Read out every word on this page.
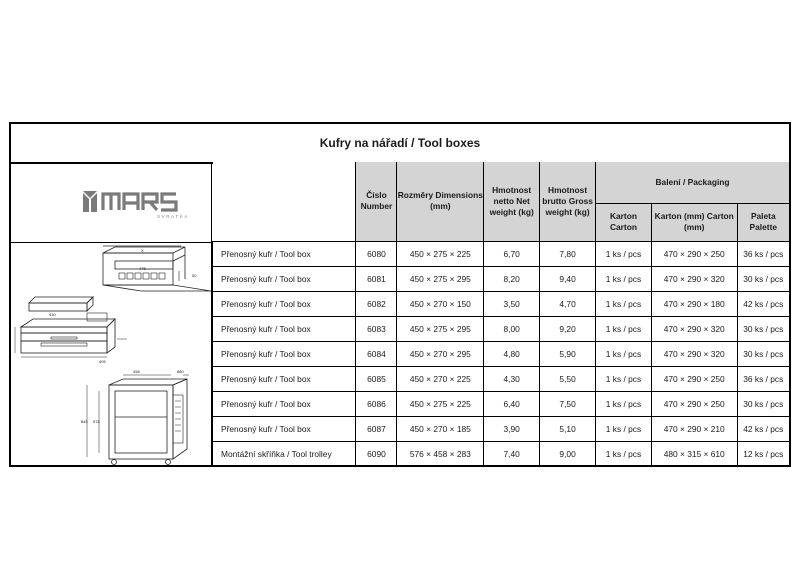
Kufry na nářadí / Tool boxes
SVRATKA
X
475
50
430
405
458	880
845 578
	Číslo Number	Rozměry Dimensions (mm)	Hmotnost netto Net weight (kg)	Hmotnost brutto Gross weight (kg)	Balení / Packaging		
					Karton Carton	Karton (mm) Carton (mm)	Paleta Palette
Přenosný kufr / Tool box	6080	450 × 275 × 225	6,70	7,80	1 ks / pcs	470 × 290 × 250	36 ks / pcs
Přenosný kufr / Tool box	6081	450 × 275 × 295	8,20	9,40	1 ks / pcs	470 × 290 × 320	30 ks / pcs
Přenosný kufr / Tool box	6082	450 × 270 × 150	3,50	4,70	1 ks / pcs	470 × 290 × 180	42 ks / pcs
Přenosný kufr / Tool box	6083	450 × 275 × 295	8,00	9,20	1 ks / pcs	470 × 290 × 320	30 ks / pcs
Přenosný kufr / Tool box	6084	450 × 270 × 295	4,80	5,90	1 ks / pcs	470 × 290 × 320	30 ks / pcs
Přenosný kufr / Tool box	6085	450 × 270 × 225	4,30	5,50	1 ks / pcs	470 × 290 × 250	36 ks / pcs
Přenosný kufr / Tool box	6086	450 × 275 × 225	6,40	7,50	1 ks / pcs	470 × 290 × 250	30 ks / pcs
Přenosný kufr / Tool box	6087	450 × 270 × 185	3,90	5,10	1 ks / pcs	470 × 290 × 210	42 ks / pcs
Montážní skříňka / Tool trolley	6090	576 × 458 × 283	7,40	9,00	1 ks / pcs	480 × 315 × 610	12 ks / pcs
